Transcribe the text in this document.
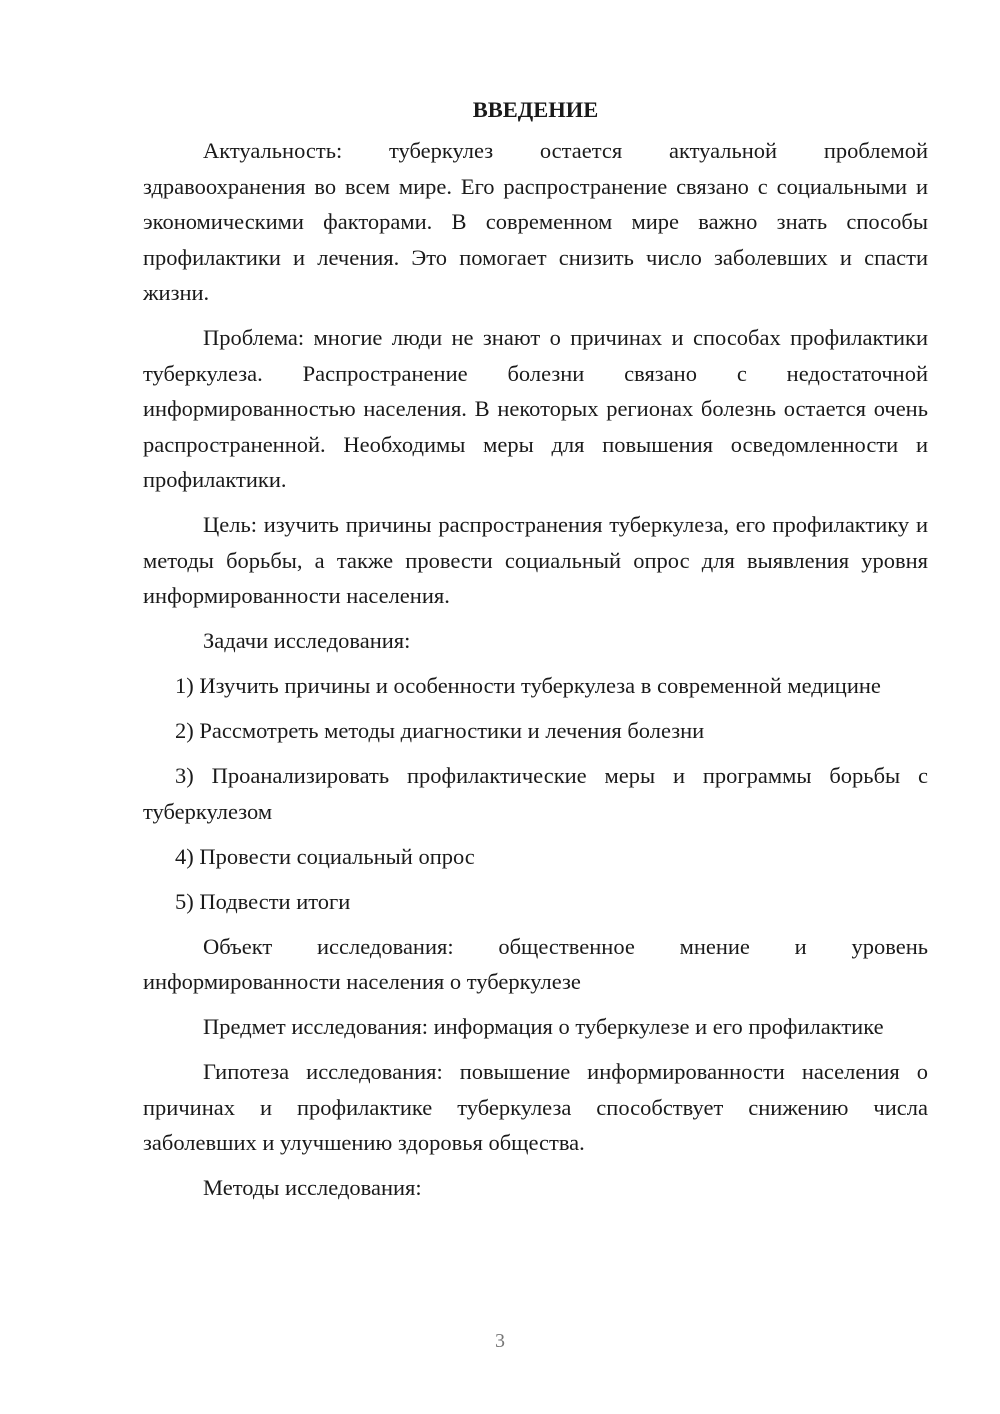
ВВЕДЕНИЕ

Актуальность: туберкулез остается актуальной проблемой здравоохранения во всем мире. Его распространение связано с социальными и экономическими факторами. В современном мире важно знать способы профилактики и лечения. Это помогает снизить число заболевших и спасти жизни.

Проблема: многие люди не знают о причинах и способах профилактики туберкулеза. Распространение болезни связано с недостаточной информированностью населения. В некоторых регионах болезнь остается очень распространенной. Необходимы меры для повышения осведомленности и профилактики.

Цель: изучить причины распространения туберкулеза, его профилактику и методы борьбы, а также провести социальный опрос для выявления уровня информированности населения.

Задачи исследования:

1) Изучить причины и особенности туберкулеза в современной медицине

2) Рассмотреть методы диагностики и лечения болезни

3) Проанализировать профилактические меры и программы борьбы с туберкулезом

4) Провести социальный опрос

5) Подвести итоги

Объект исследования: общественное мнение и уровень информированности населения о туберкулезе

Предмет исследования: информация о туберкулезе и его профилактике

Гипотеза исследования: повышение информированности населения о причинах и профилактике туберкулеза способствует снижению числа заболевших и улучшению здоровья общества.

Методы исследования:

3
